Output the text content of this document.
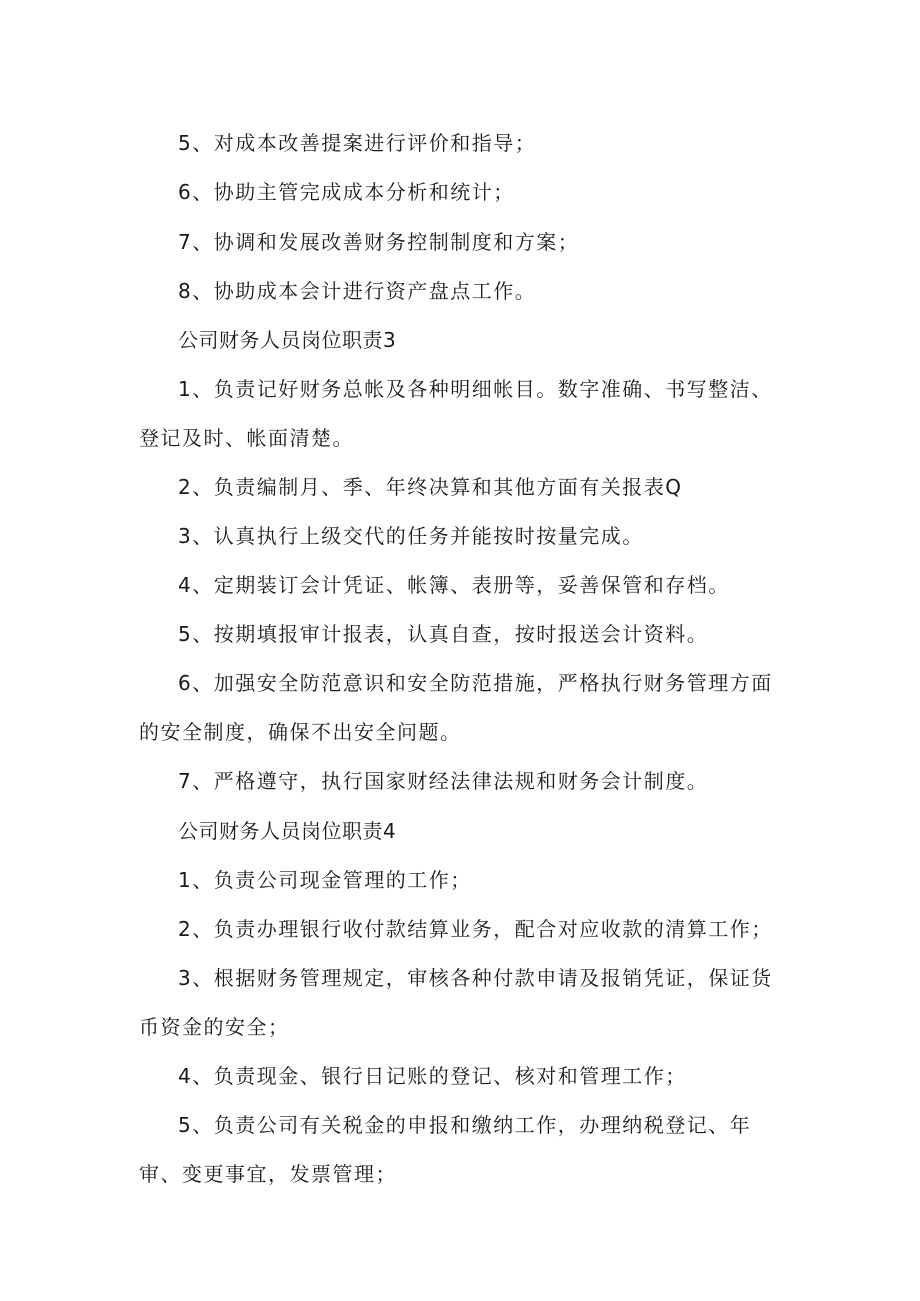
5、对成本改善提案进行评价和指导；
6、协助主管完成成本分析和统计；
7、协调和发展改善财务控制制度和方案；
8、协助成本会计进行资产盘点工作。
公司财务人员岗位职责3
1、负责记好财务总帐及各种明细帐目。数字准确、书写整洁、
登记及时、帐面清楚。
2、负责编制月、季、年终决算和其他方面有关报表Q
3、认真执行上级交代的任务并能按时按量完成。
4、定期装订会计凭证、帐簿、表册等，妥善保管和存档。
5、按期填报审计报表，认真自查，按时报送会计资料。
6、加强安全防范意识和安全防范措施，严格执行财务管理方面
的安全制度，确保不出安全问题。
7、严格遵守，执行国家财经法律法规和财务会计制度。
公司财务人员岗位职责4
1、负责公司现金管理的工作；
2、负责办理银行收付款结算业务，配合对应收款的清算工作；
3、根据财务管理规定，审核各种付款申请及报销凭证，保证货
币资金的安全；
4、负责现金、银行日记账的登记、核对和管理工作；
5、负责公司有关税金的申报和缴纳工作，办理纳税登记、年
审、变更事宜，发票管理；
